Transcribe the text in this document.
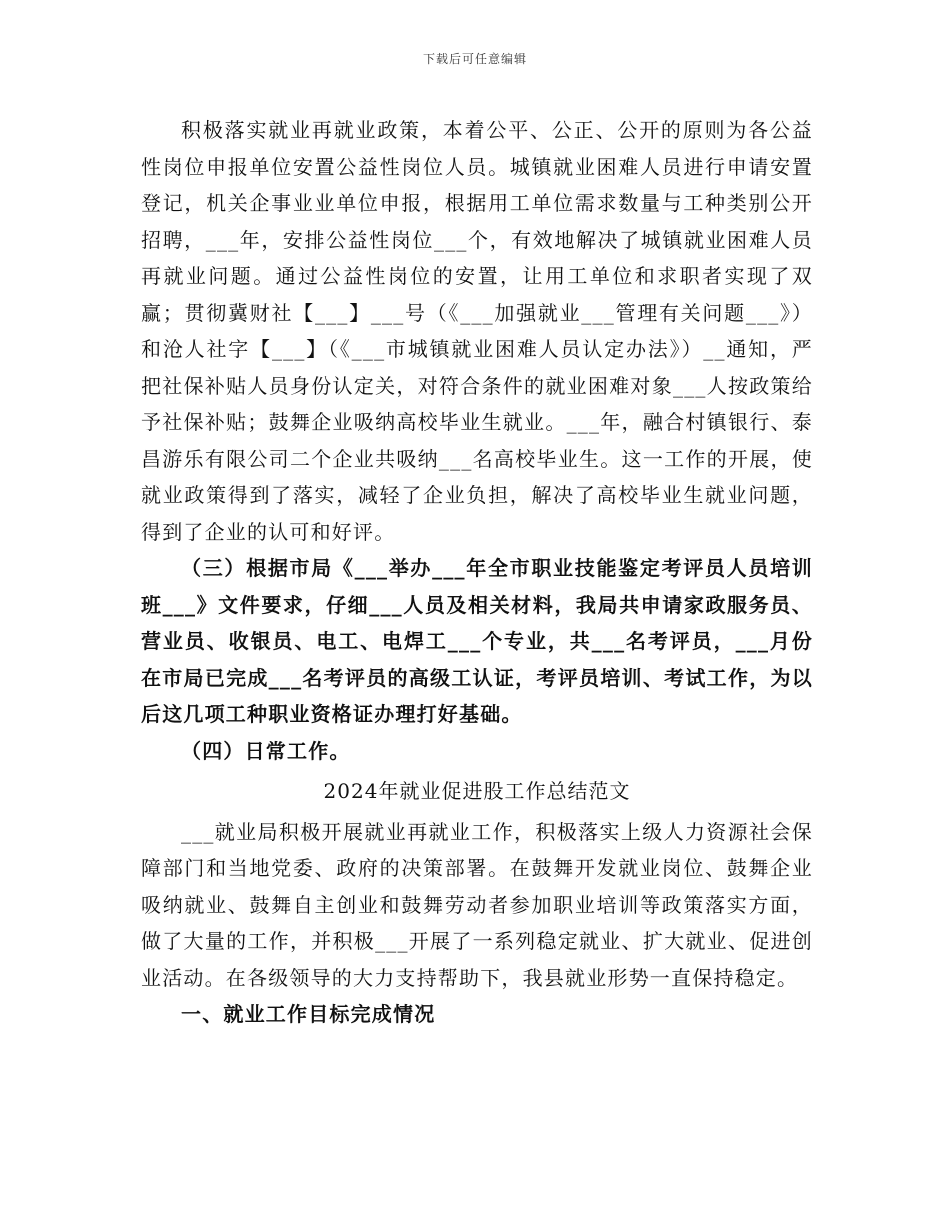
下载后可任意编辑

积极落实就业再就业政策，本着公平、公正、公开的原则为各公益性岗位申报单位安置公益性岗位人员。城镇就业困难人员进行申请安置登记，机关企事业业单位申报，根据用工单位需求数量与工种类别公开招聘，___年，安排公益性岗位___个，有效地解决了城镇就业困难人员再就业问题。通过公益性岗位的安置，让用工单位和求职者实现了双赢；贯彻冀财社【___】___号（《___加强就业___管理有关问题___》）和沧人社字【___】（《___市城镇就业困难人员认定办法》）__通知，严把社保补贴人员身份认定关，对符合条件的就业困难对象___人按政策给予社保补贴；鼓舞企业吸纳高校毕业生就业。___年，融合村镇银行、泰昌游乐有限公司二个企业共吸纳___名高校毕业生。这一工作的开展，使就业政策得到了落实，减轻了企业负担，解决了高校毕业生就业问题，得到了企业的认可和好评。

（三）根据市局《___举办___年全市职业技能鉴定考评员人员培训班___》文件要求，仔细___人员及相关材料，我局共申请家政服务员、营业员、收银员、电工、电焊工___个专业，共___名考评员，___月份在市局已完成___名考评员的高级工认证，考评员培训、考试工作，为以后这几项工种职业资格证办理打好基础。

（四）日常工作。

2024年就业促进股工作总结范文

___就业局积极开展就业再就业工作，积极落实上级人力资源社会保障部门和当地党委、政府的决策部署。在鼓舞开发就业岗位、鼓舞企业吸纳就业、鼓舞自主创业和鼓舞劳动者参加职业培训等政策落实方面，做了大量的工作，并积极___开展了一系列稳定就业、扩大就业、促进创业活动。在各级领导的大力支持帮助下，我县就业形势一直保持稳定。

一、就业工作目标完成情况
